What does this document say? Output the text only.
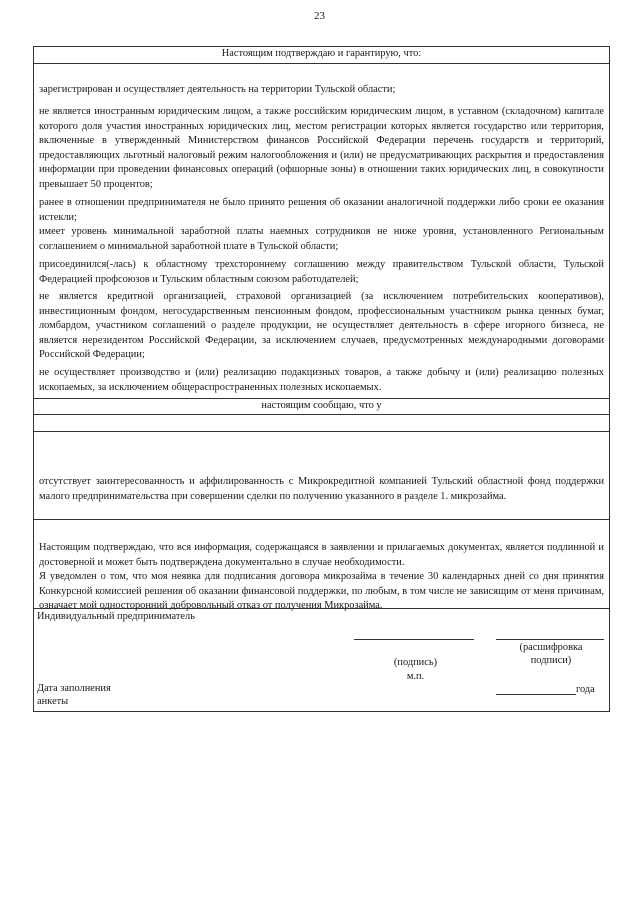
23
Настоящим подтверждаю и гарантирую, что:
зарегистрирован и осуществляет деятельность на территории Тульской области;
не является иностранным юридическим лицом, а также российским юридическим лицом, в уставном (складочном) капитале которого доля участия иностранных юридических лиц, местом регистрации которых является государство или территория, включенные в утвержденный Министерством финансов Российской Федерации перечень государств и территорий, предоставляющих льготный налоговый режим налогообложения и (или) не предусматривающих раскрытия и предоставления информации при проведении финансовых операций (офшорные зоны) в отношении таких юридических лиц, в совокупности превышает 50 процентов;
ранее в отношении предпринимателя не было принято решения об оказании аналогичной поддержки либо сроки ее оказания истекли;
имеет уровень минимальной заработной платы наемных сотрудников не ниже уровня, установленного Региональным соглашением о минимальной заработной плате в Тульской области;
присоединился(-лась) к областному трехстороннему соглашению между правительством Тульской области, Тульской Федерацией профсоюзов и Тульским областным союзом работодателей;
не является кредитной организацией, страховой организацией (за исключением потребительских кооперативов), инвестиционным фондом, негосударственным пенсионным фондом, профессиональным участником рынка ценных бумаг, ломбардом, участником соглашений о разделе продукции, не осуществляет деятельность в сфере игорного бизнеса, не является нерезидентом Российской Федерации, за исключением случаев, предусмотренных международными договорами Российской Федерации;
не осуществляет производство и (или) реализацию подакцизных товаров, а также добычу и (или) реализацию полезных ископаемых, за исключением общераспространенных полезных ископаемых.
настоящим сообщаю, что у
отсутствует заинтересованность и аффилированность с Микрокредитной компанией Тульский областной фонд поддержки малого предпринимательства при совершении сделки по получению указанного в разделе 1. микрозайма.
Настоящим подтверждаю, что вся информация, содержащаяся в заявлении и прилагаемых документах, является подлинной и достоверной и может быть подтверждена документально в случае необходимости.
Я уведомлен о том, что моя неявка для подписания договора микрозайма в течение 30 календарных дней со дня принятия Конкурсной комиссией решения об оказании финансовой поддержки, по любым, в том числе не зависящим от меня причинам, означает мой односторонний добровольный отказ от получения Микрозайма.
Индивидуальный предприниматель
(расшифровка подписи)
(подпись)
м.п.
Дата заполнения анкеты
года
